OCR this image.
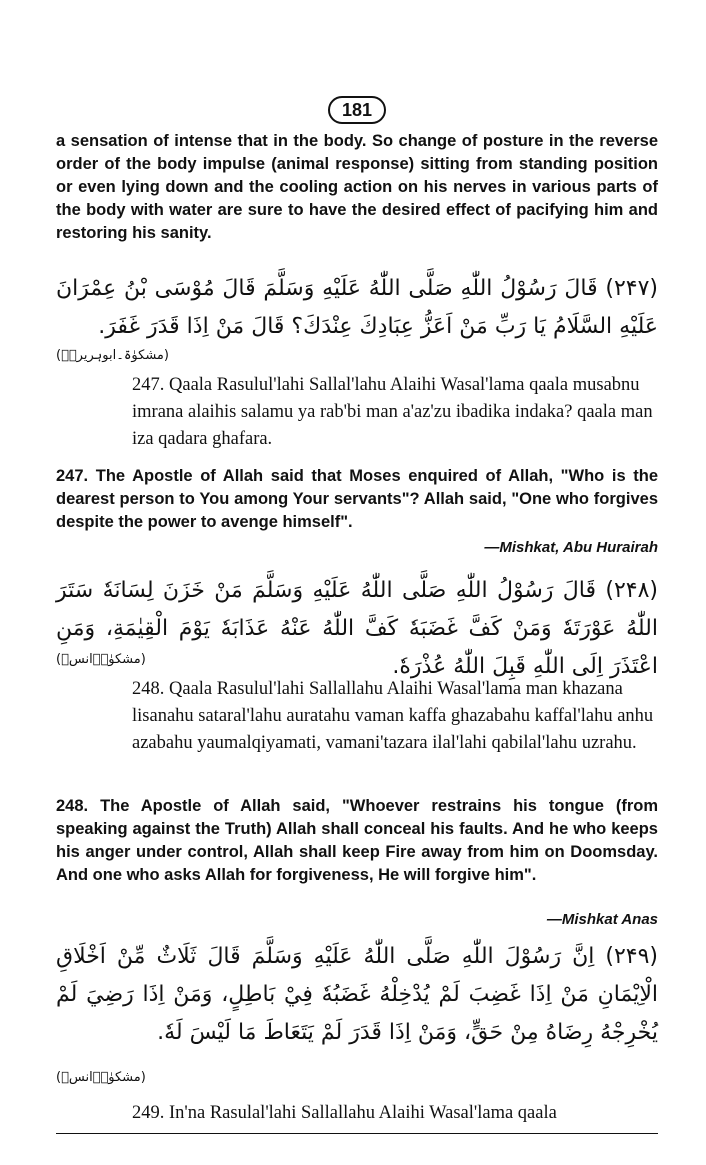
181

a sensation of intense that in the body. So change of posture in the reverse order of the body impulse (animal response) sitting from standing position or even lying down and the cooling action on his nerves in various parts of the body with water are sure to have the desired effect of pacifying him and restoring his sanity.

(۲۴۷) قَالَ رَسُوْلُ اللّٰهِ صَلَّى اللّٰهُ عَلَيْهِ وَسَلَّمَ قَالَ مُوْسَى بْنُ عِمْرَانَ عَلَيْهِ السَّلَامُ يَا رَبِّ مَنْ اَعَزُّ عِبَادِكَ عِنْدَكَ؟ قَالَ مَنْ اِذَا قَدَرَ غَفَرَ.

(مشکوٰۃ۔ابوہریرہؓ)

247. Qaala Rasulul'lahi Sallal'lahu Alaihi Wasal'lama qaala musabnu imrana alaihis salamu ya rab'bi man a'az'zu ibadika indaka? qaala man iza qadara ghafara.

247. The Apostle of Allah said that Moses enquired of Allah, "Who is the dearest person to You among Your servants"? Allah said, "One who forgives despite the power to avenge himself".

—Mishkat, Abu Hurairah

(۲۴۸) قَالَ رَسُوْلُ اللّٰهِ صَلَّى اللّٰهُ عَلَيْهِ وَسَلَّمَ مَنْ خَزَنَ لِسَانَهٗ سَتَرَ اللّٰهُ عَوْرَتَهٗ وَمَنْ كَفَّ غَضَبَهٗ كَفَّ اللّٰهُ عَنْهُ عَذَابَهٗ يَوْمَ الْقِيٰمَةِ، وَمَنِ اعْتَذَرَ اِلَى اللّٰهِ قَبِلَ اللّٰهُ عُذْرَهٗ.

(مشکوٰۃ۔انسؓ)

248. Qaala Rasulul'lahi Sallallahu Alaihi Wasal'lama man khazana lisanahu sataral'lahu auratahu vaman kaffa ghazabahu kaffal'lahu anhu azabahu yaumalqiyamati, vamani'tazara ilal'lahi qabilal'lahu uzrahu.

248. The Apostle of Allah said, "Whoever restrains his tongue (from speaking against the Truth) Allah shall conceal his faults. And he who keeps his anger under control, Allah shall keep Fire away from him on Doomsday. And one who asks Allah for forgiveness, He will forgive him".

—Mishkat Anas

(۲۴۹) اِنَّ رَسُوْلَ اللّٰهِ صَلَّى اللّٰهُ عَلَيْهِ وَسَلَّمَ قَالَ ثَلَاثٌ مِّنْ اَخْلَاقِ الْاِيْمَانِ مَنْ اِذَا غَضِبَ لَمْ يُدْخِلْهُ غَضَبُهٗ فِيْ بَاطِلٍ، وَمَنْ اِذَا رَضِيَ لَمْ يُخْرِجْهُ رِضَاهُ مِنْ حَقٍّ، وَمَنْ اِذَا قَدَرَ لَمْ يَتَعَاطَ مَا لَيْسَ لَهٗ.

(مشکوٰۃ۔انسؓ)

249. In'na Rasulal'lahi Sallallahu Alaihi Wasal'lama qaala
